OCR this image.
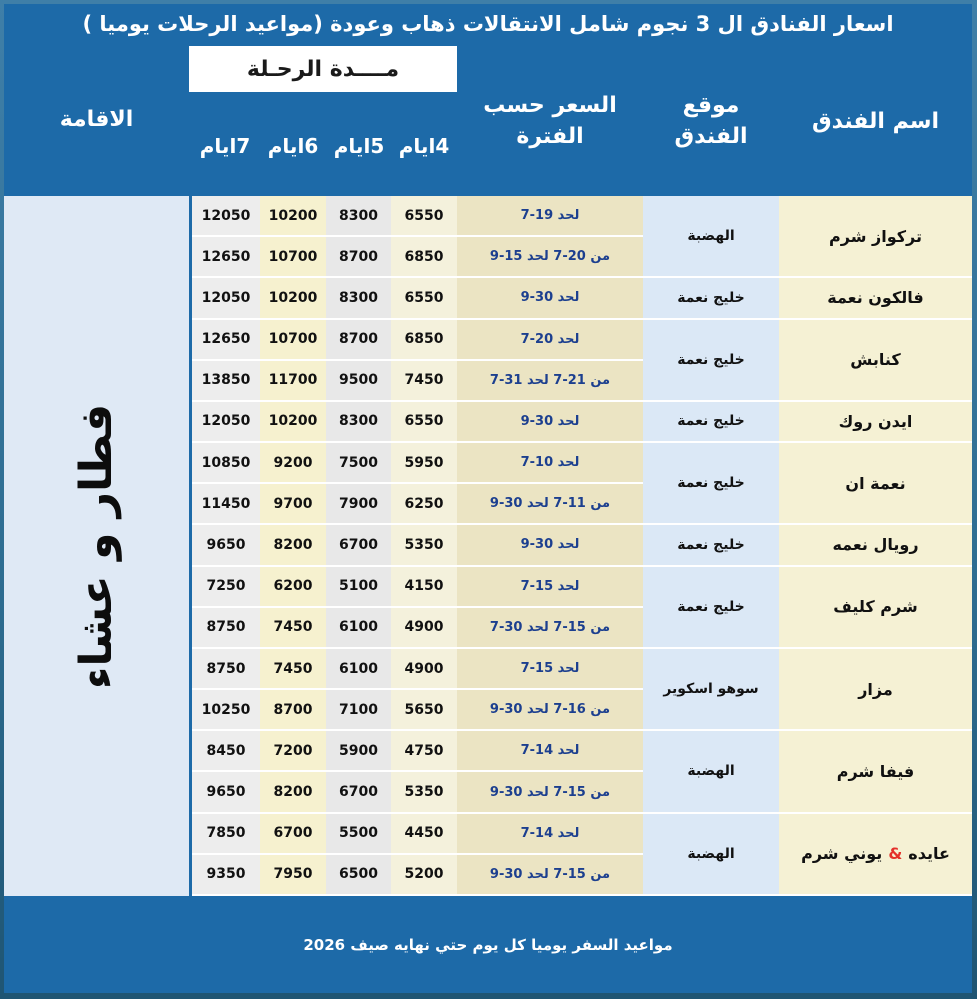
اسعار الفنادق ال 3 نجوم شامل الانتقالات ذهاب وعودة (مواعيد الرحلات يوميا )
الاقامة
مــــدة الرحـلة
7ايام 6ايام 5ايام 4ايام
السعر حسب الفترة
موقع الفندق
اسم الفندق
فطار و عشاء
تركواز شرم
الهضبة
لحد 19-7
6550
8300
10200
12050
من 20-7 لحد 15-9
6850
8700
10700
12650
فالكون نعمة
خليج نعمة
لحد 30-9
6550
8300
10200
12050
كنابش
خليج نعمة
لحد 20-7
6850
8700
10700
12650
من 21-7 لحد 31-7
7450
9500
11700
13850
ايدن روك
خليج نعمة
لحد 30-9
6550
8300
10200
12050
نعمة ان
خليج نعمة
لحد 10-7
5950
7500
9200
10850
من 11-7 لحد 30-9
6250
7900
9700
11450
رويال نعمه
خليج نعمة
لحد 30-9
5350
6700
8200
9650
شرم كليف
خليج نعمة
لحد 15-7
4150
5100
6200
7250
من 15-7 لحد 30-7
4900
6100
7450
8750
مزار
سوهو اسكوير
لحد 15-7
4900
6100
7450
8750
من 16-7 لحد 30-9
5650
7100
8700
10250
فيفا شرم
الهضبة
لحد 14-7
4750
5900
7200
8450
من 15-7 لحد 30-9
5350
6700
8200
9650
عايده
&
يوني شرم
الهضبة
لحد 14-7
4450
5500
6700
7850
من 15-7 لحد 30-9
5200
6500
7950
9350
مواعيد السفر يوميا كل يوم حتي نهايه صيف 2026
